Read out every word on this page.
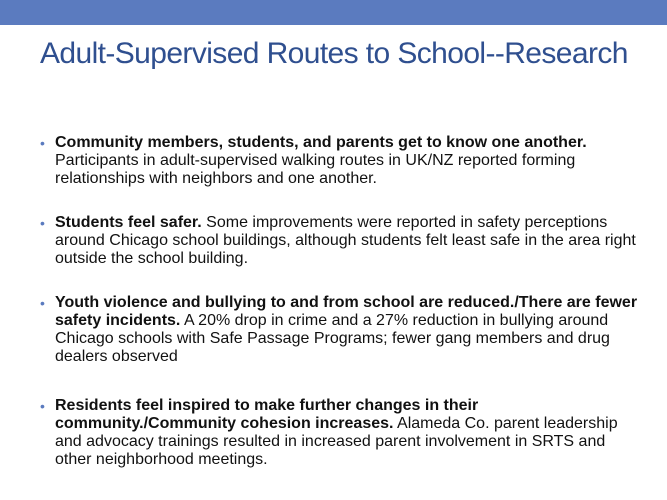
Adult-Supervised Routes to School--Research
• Community members, students, and parents get to know one another. Participants in adult-supervised walking routes in UK/NZ reported forming relationships with neighbors and one another.
• Students feel safer. Some improvements were reported in safety perceptions around Chicago school buildings, although students felt least safe in the area right outside the school building.
• Youth violence and bullying to and from school are reduced./There are fewer safety incidents. A 20% drop in crime and a 27% reduction in bullying around Chicago schools with Safe Passage Programs; fewer gang members and drug dealers observed
• Residents feel inspired to make further changes in their community./Community cohesion increases. Alameda Co. parent leadership and advocacy trainings resulted in increased parent involvement in SRTS and other neighborhood meetings.
